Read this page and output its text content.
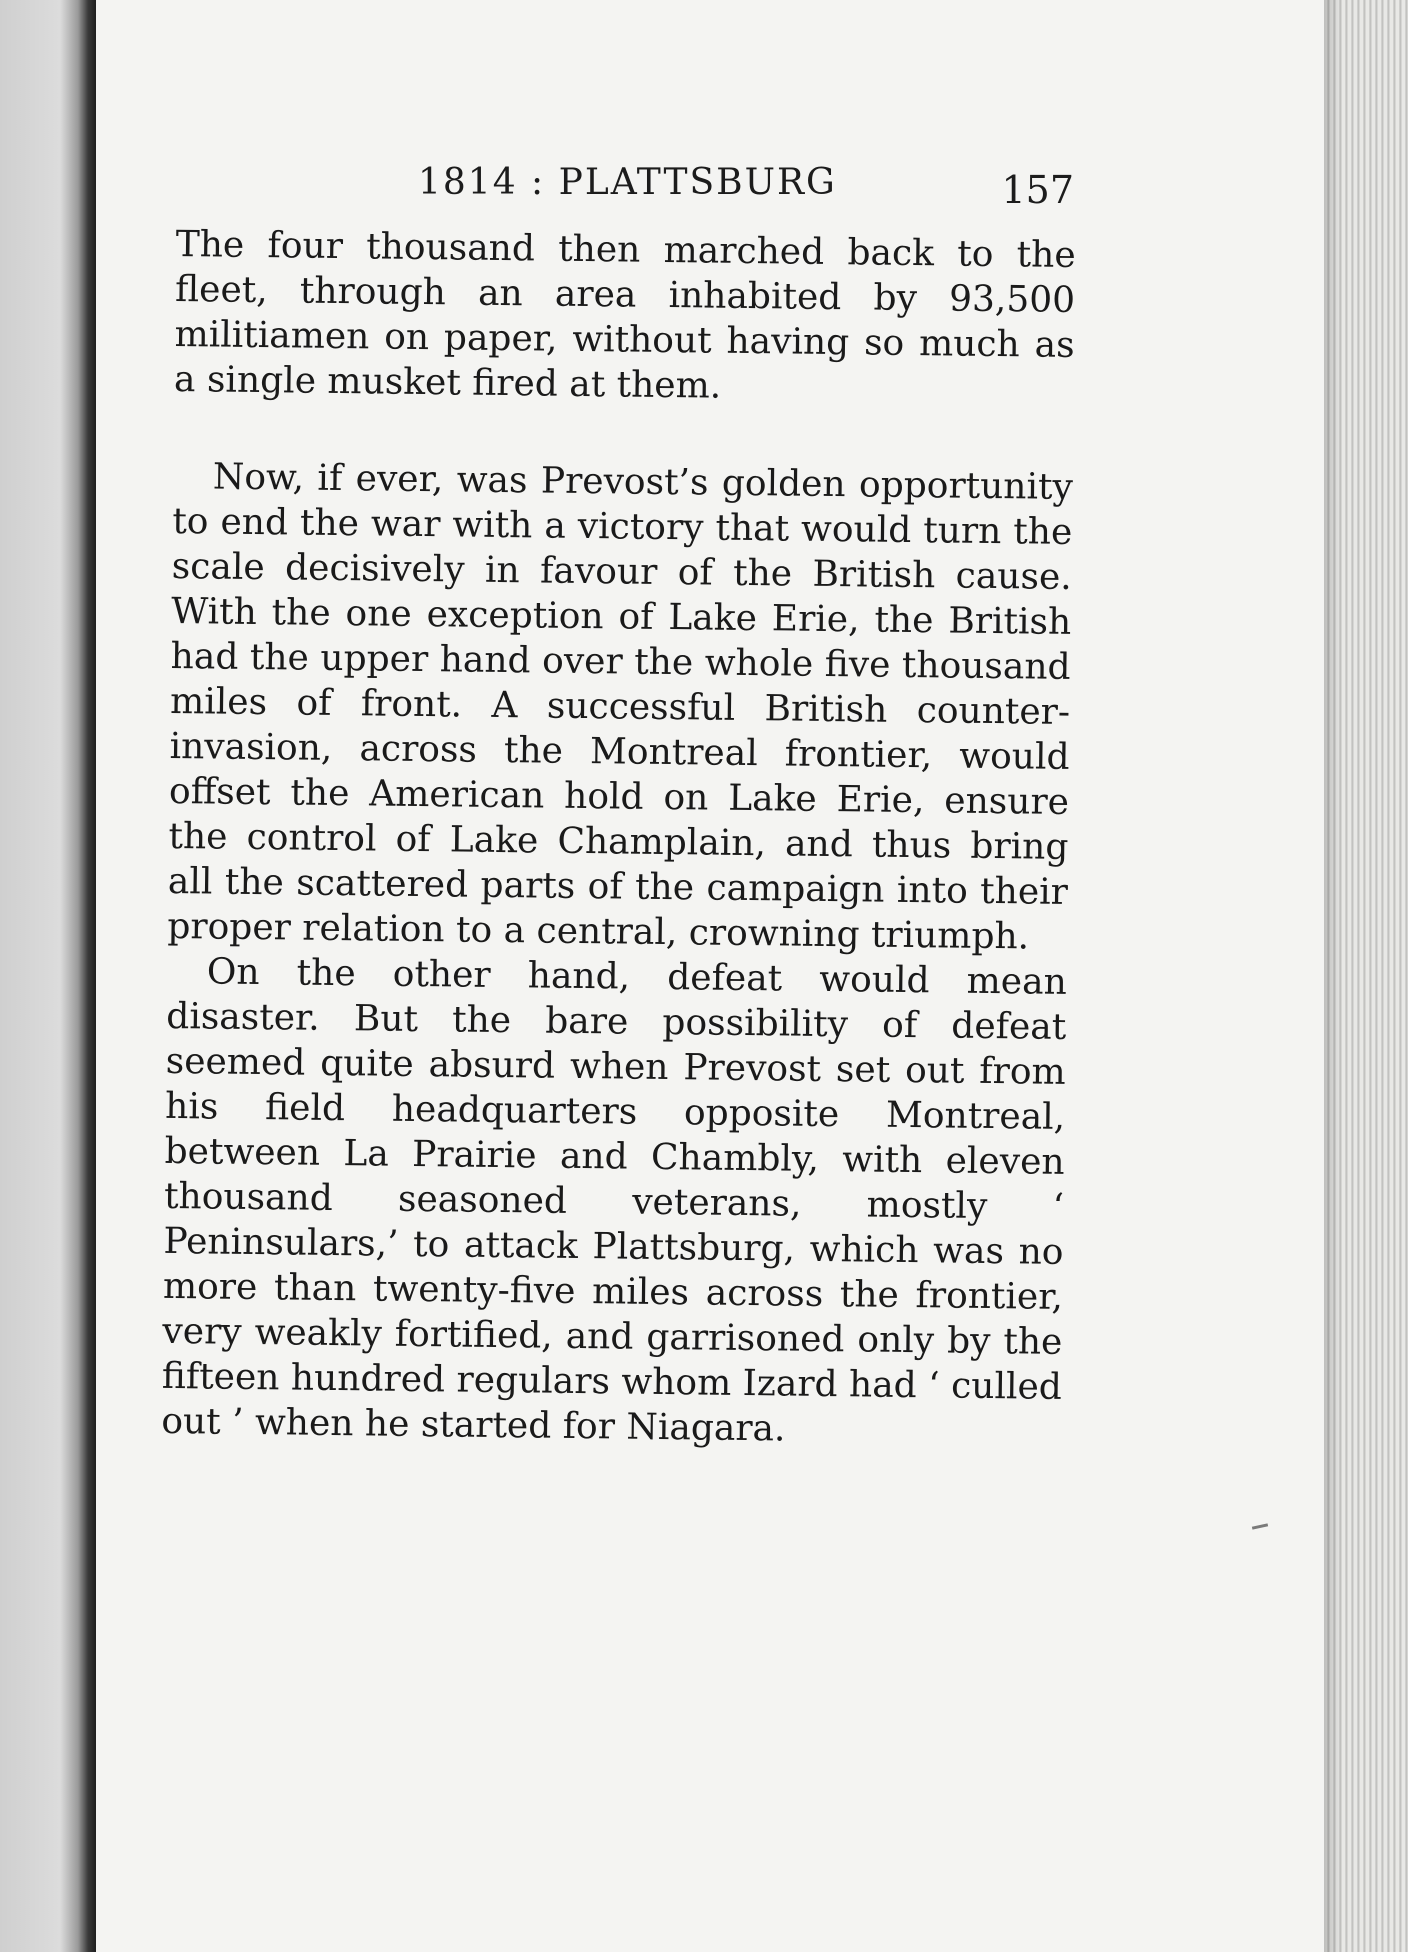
1814 : PLATTSBURG	157

The four thousand then marched back to the fleet, through an area inhabited by 93,500 militiamen on paper, without having so much as a single musket fired at them.

Now, if ever, was Prevost’s golden opportunity to end the war with a victory that would turn the scale decisively in favour of the British cause. With the one exception of Lake Erie, the British had the upper hand over the whole five thousand miles of front. A successful British counter-invasion, across the Montreal frontier, would offset the American hold on Lake Erie, ensure the control of Lake Champlain, and thus bring all the scattered parts of the campaign into their proper relation to a central, crowning triumph.

On the other hand, defeat would mean disaster. But the bare possibility of defeat seemed quite absurd when Prevost set out from his field headquarters opposite Montreal, between La Prairie and Chambly, with eleven thousand seasoned veterans, mostly ‘ Peninsulars,’ to attack Plattsburg, which was no more than twenty-five miles across the frontier, very weakly fortified, and garrisoned only by the fifteen hundred regulars whom Izard had ‘ culled out ’ when he started for Niagara.
